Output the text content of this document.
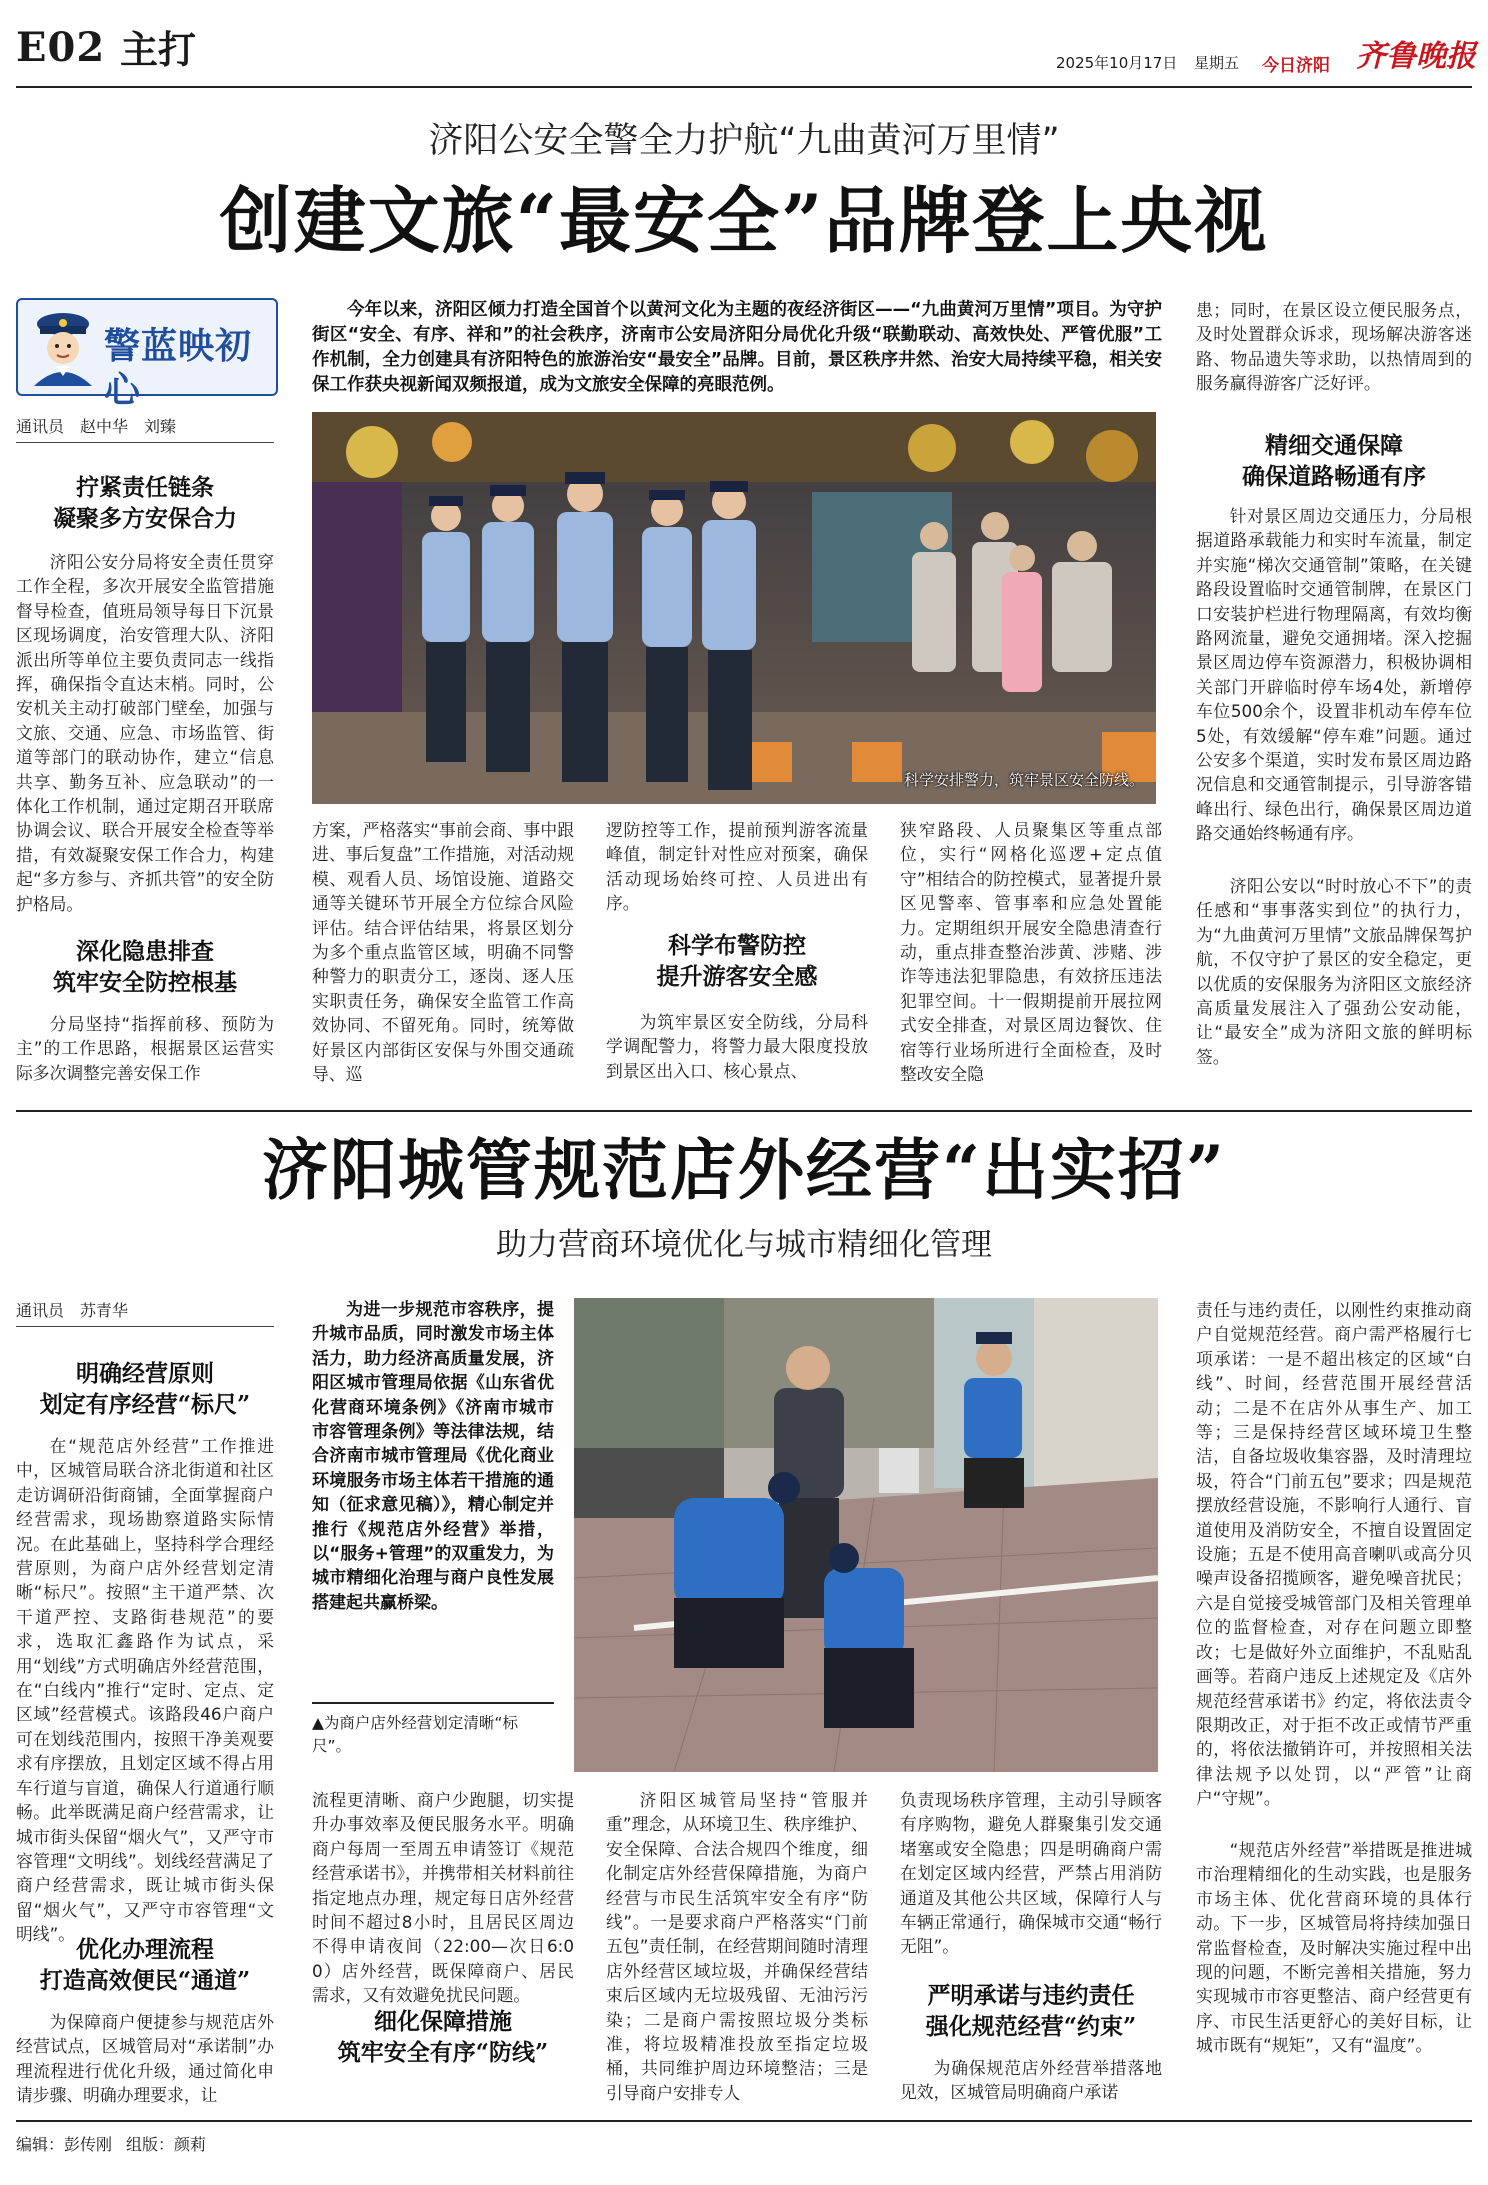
E02 主打	2025年10月17日 星期五 今日济阳 齐鲁晚报
济阳公安全警全力护航“九曲黄河万里情”
创建文旅“最安全”品牌登上央视
警蓝映初心
通讯员　赵中华　刘臻
拧紧责任链条
凝聚多方安保合力
济阳公安分局将安全责任贯穿工作全程，多次开展安全监管措施督导检查，值班局领导每日下沉景区现场调度，治安管理大队、济阳派出所等单位主要负责同志一线指挥，确保指令直达末梢。同时，公安机关主动打破部门壁垒，加强与文旅、交通、应急、市场监管、街道等部门的联动协作，建立“信息共享、勤务互补、应急联动”的一体化工作机制，通过定期召开联席协调会议、联合开展安全检查等举措，有效凝聚安保工作合力，构建起“多方参与、齐抓共管”的安全防护格局。
深化隐患排查
筑牢安全防控根基
分局坚持“指挥前移、预防为主”的工作思路，根据景区运营实际多次调整完善安保工作
今年以来，济阳区倾力打造全国首个以黄河文化为主题的夜经济街区——“九曲黄河万里情”项目。为守护街区“安全、有序、祥和”的社会秩序，济南市公安局济阳分局优化升级“联勤联动、高效快处、严管优服”工作机制，全力创建具有济阳特色的旅游治安“最安全”品牌。目前，景区秩序井然、治安大局持续平稳，相关安保工作获央视新闻双频报道，成为文旅安全保障的亮眼范例。
科学安排警力，筑牢景区安全防线。
方案，严格落实“事前会商、事中跟进、事后复盘”工作措施，对活动规模、观看人员、场馆设施、道路交通等关键环节开展全方位综合风险评估。结合评估结果，将景区划分为多个重点监管区域，明确不同警种警力的职责分工，逐岗、逐人压实职责任务，确保安全监管工作高效协同、不留死角。同时，统筹做好景区内部街区安保与外围交通疏导、巡
逻防控等工作，提前预判游客流量峰值，制定针对性应对预案，确保活动现场始终可控、人员进出有序。
科学布警防控
提升游客安全感
为筑牢景区安全防线，分局科学调配警力，将警力最大限度投放到景区出入口、核心景点、
狭窄路段、人员聚集区等重点部位，实行“网格化巡逻+定点值守”相结合的防控模式，显著提升景区见警率、管事率和应急处置能力。定期组织开展安全隐患清查行动，重点排查整治涉黄、涉赌、涉诈等违法犯罪隐患，有效挤压违法犯罪空间。十一假期提前开展拉网式安全排查，对景区周边餐饮、住宿等行业场所进行全面检查，及时整改安全隐
患；同时，在景区设立便民服务点，及时处置群众诉求，现场解决游客迷路、物品遗失等求助，以热情周到的服务赢得游客广泛好评。
精细交通保障
确保道路畅通有序
针对景区周边交通压力，分局根据道路承载能力和实时车流量，制定并实施“梯次交通管制”策略，在关键路段设置临时交通管制牌，在景区门口安装护栏进行物理隔离，有效均衡路网流量，避免交通拥堵。深入挖掘景区周边停车资源潜力，积极协调相关部门开辟临时停车场4处，新增停车位500余个，设置非机动车停车位5处，有效缓解“停车难”问题。通过公安多个渠道，实时发布景区周边路况信息和交通管制提示，引导游客错峰出行、绿色出行，确保景区周边道路交通始终畅通有序。
济阳公安以“时时放心不下”的责任感和“事事落实到位”的执行力，为“九曲黄河万里情”文旅品牌保驾护航，不仅守护了景区的安全稳定，更以优质的安保服务为济阳区文旅经济高质量发展注入了强劲公安动能，让“最安全”成为济阳文旅的鲜明标签。
济阳城管规范店外经营“出实招”
助力营商环境优化与城市精细化管理
通讯员　苏青华
明确经营原则
划定有序经营“标尺”
在“规范店外经营”工作推进中，区城管局联合济北街道和社区走访调研沿街商铺，全面掌握商户经营需求，现场勘察道路实际情况。在此基础上，坚持科学合理经营原则，为商户店外经营划定清晰“标尺”。按照“主干道严禁、次干道严控、支路街巷规范”的要求，选取汇鑫路作为试点，采用“划线”方式明确店外经营范围，在“白线内”推行“定时、定点、定区域”经营模式。该路段46户商户可在划线范围内，按照干净美观要求有序摆放，且划定区域不得占用车行道与盲道，确保人行道通行顺畅。此举既满足商户经营需求，让城市街头保留“烟火气”，又严守市容管理“文明线”。划线经营满足了商户经营需求，既让城市街头保留“烟火气”，又严守市容管理“文明线”。
优化办理流程
打造高效便民“通道”
为保障商户便捷参与规范店外经营试点，区城管局对“承诺制”办理流程进行优化升级，通过简化申请步骤、明确办理要求，让
为进一步规范市容秩序，提升城市品质，同时激发市场主体活力，助力经济高质量发展，济阳区城市管理局依据《山东省优化营商环境条例》《济南市城市市容管理条例》等法律法规，结合济南市城市管理局《优化商业环境服务市场主体若干措施的通知（征求意见稿）》，精心制定并推行《规范店外经营》举措，以“服务+管理”的双重发力，为城市精细化治理与商户良性发展搭建起共赢桥梁。
▲为商户店外经营划定清晰“标尺”。
流程更清晰、商户少跑腿，切实提升办事效率及便民服务水平。明确商户每周一至周五申请签订《规范经营承诺书》，并携带相关材料前往指定地点办理，规定每日店外经营时间不超过8小时，且居民区周边不得申请夜间（22:00—次日6:00）店外经营，既保障商户、居民需求，又有效避免扰民问题。
细化保障措施
筑牢安全有序“防线”
济阳区城管局坚持“管服并重”理念，从环境卫生、秩序维护、安全保障、合法合规四个维度，细化制定店外经营保障措施，为商户经营与市民生活筑牢安全有序“防线”。一是要求商户严格落实“门前五包”责任制，在经营期间随时清理店外经营区域垃圾，并确保经营结束后区域内无垃圾残留、无油污污染；二是商户需按照垃圾分类标准，将垃圾精准投放至指定垃圾桶，共同维护周边环境整洁；三是引导商户安排专人
负责现场秩序管理，主动引导顾客有序购物，避免人群聚集引发交通堵塞或安全隐患；四是明确商户需在划定区域内经营，严禁占用消防通道及其他公共区域，保障行人与车辆正常通行，确保城市交通“畅行无阻”。
严明承诺与违约责任
强化规范经营“约束”
为确保规范店外经营举措落地见效，区城管局明确商户承诺
责任与违约责任，以刚性约束推动商户自觉规范经营。商户需严格履行七项承诺：一是不超出核定的区域“白线”、时间，经营范围开展经营活动；二是不在店外从事生产、加工等；三是保持经营区域环境卫生整洁，自备垃圾收集容器，及时清理垃圾，符合“门前五包”要求；四是规范摆放经营设施，不影响行人通行、盲道使用及消防安全，不擅自设置固定设施；五是不使用高音喇叭或高分贝噪声设备招揽顾客，避免噪音扰民；六是自觉接受城管部门及相关管理单位的监督检查，对存在问题立即整改；七是做好外立面维护，不乱贴乱画等。若商户违反上述规定及《店外规范经营承诺书》约定，将依法责令限期改正，对于拒不改正或情节严重的，将依法撤销许可，并按照相关法律法规予以处罚，以“严管”让商户“守规”。
“规范店外经营”举措既是推进城市治理精细化的生动实践，也是服务市场主体、优化营商环境的具体行动。下一步，区城管局将持续加强日常监督检查，及时解决实施过程中出现的问题，不断完善相关措施，努力实现城市市容更整洁、商户经营更有序、市民生活更舒心的美好目标，让城市既有“规矩”，又有“温度”。
编辑：彭传刚 组版：颜莉
